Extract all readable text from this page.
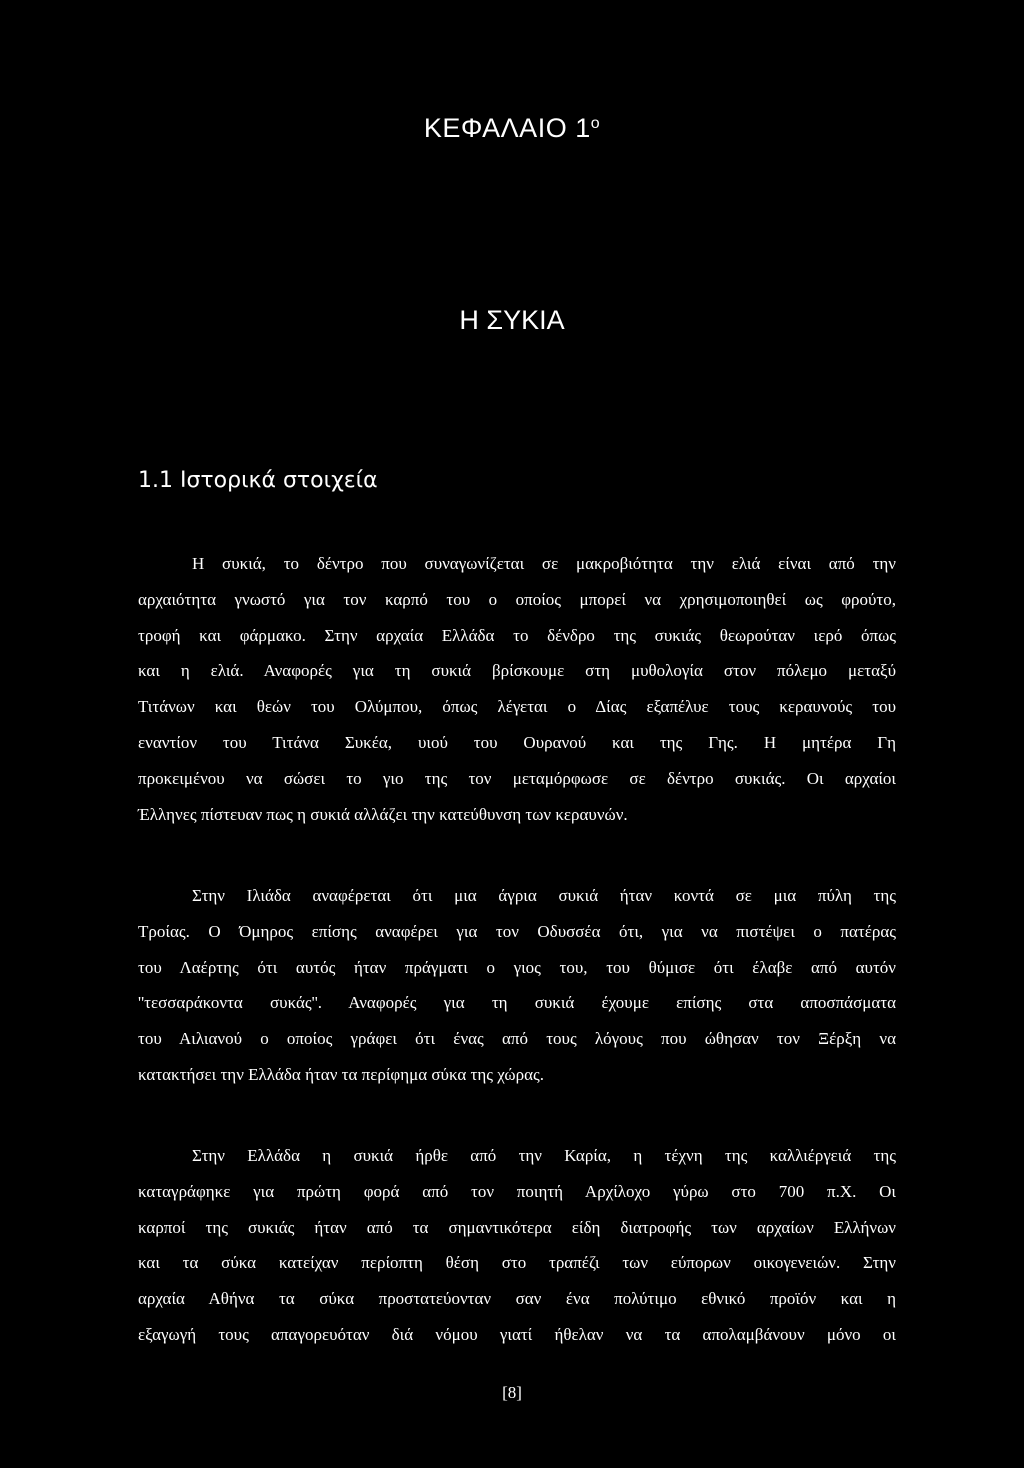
ΚΕΦΑΛΑΙΟ $1^o$
Η ΣΥΚΙΑ
1.1 Ιστορικά στοιχεία
Η συκιά, το δέντρο που συναγωνίζεται σε μακροβιότητα την ελιά είναι από την
αρχαιότητα γνωστό για τον καρπό του ο οποίος μπορεί να χρησιμοποιηθεί ως φρούτο,
τροφή και φάρμακο. Στην αρχαία Ελλάδα το δένδρο της συκιάς θεωρούταν ιερό όπως
και η ελιά. Αναφορές για τη συκιά βρίσκουμε στη μυθολογία στον πόλεμο μεταξύ
Τιτάνων και θεών του Ολύμπου, όπως λέγεται ο Δίας εξαπέλυε τους κεραυνούς του
εναντίον του Τιτάνα Συκέα, υιού του Ουρανού και της Γης. Η μητέρα Γη
προκειμένου να σώσει το γιο της τον μεταμόρφωσε σε δέντρο συκιάς. Οι αρχαίοι
Έλληνες πίστευαν πως η συκιά αλλάζει την κατεύθυνση των κεραυνών.
Στην Ιλιάδα αναφέρεται ότι μια άγρια συκιά ήταν κοντά σε μια πύλη της
Τροίας. Ο Όμηρος επίσης αναφέρει για τον Οδυσσέα ότι, για να πιστέψει ο πατέρας
του Λαέρτης ότι αυτός ήταν πράγματι ο γιος του, του θύμισε ότι έλαβε από αυτόν
''τεσσαράκοντα συκάς''. Αναφορές για τη συκιά έχουμε επίσης στα αποσπάσματα
του Αιλιανού ο οποίος γράφει ότι ένας από τους λόγους που ώθησαν τον Ξέρξη να
κατακτήσει την Ελλάδα ήταν τα περίφημα σύκα της χώρας.
Στην Ελλάδα η συκιά ήρθε από την Καρία, η τέχνη της καλλιέργειά της
καταγράφηκε για πρώτη φορά από τον ποιητή Αρχίλοχο γύρω στο 700 π.Χ. Οι
καρποί της συκιάς ήταν από τα σημαντικότερα είδη διατροφής των αρχαίων Ελλήνων
και τα σύκα κατείχαν περίοπτη θέση στο τραπέζι των εύπορων οικογενειών. Στην
αρχαία Αθήνα τα σύκα προστατεύονταν σαν ένα πολύτιμο εθνικό προϊόν και η
εξαγωγή τους απαγορευόταν διά νόμου γιατί ήθελαν να τα απολαμβάνουν μόνο οι
[8]
